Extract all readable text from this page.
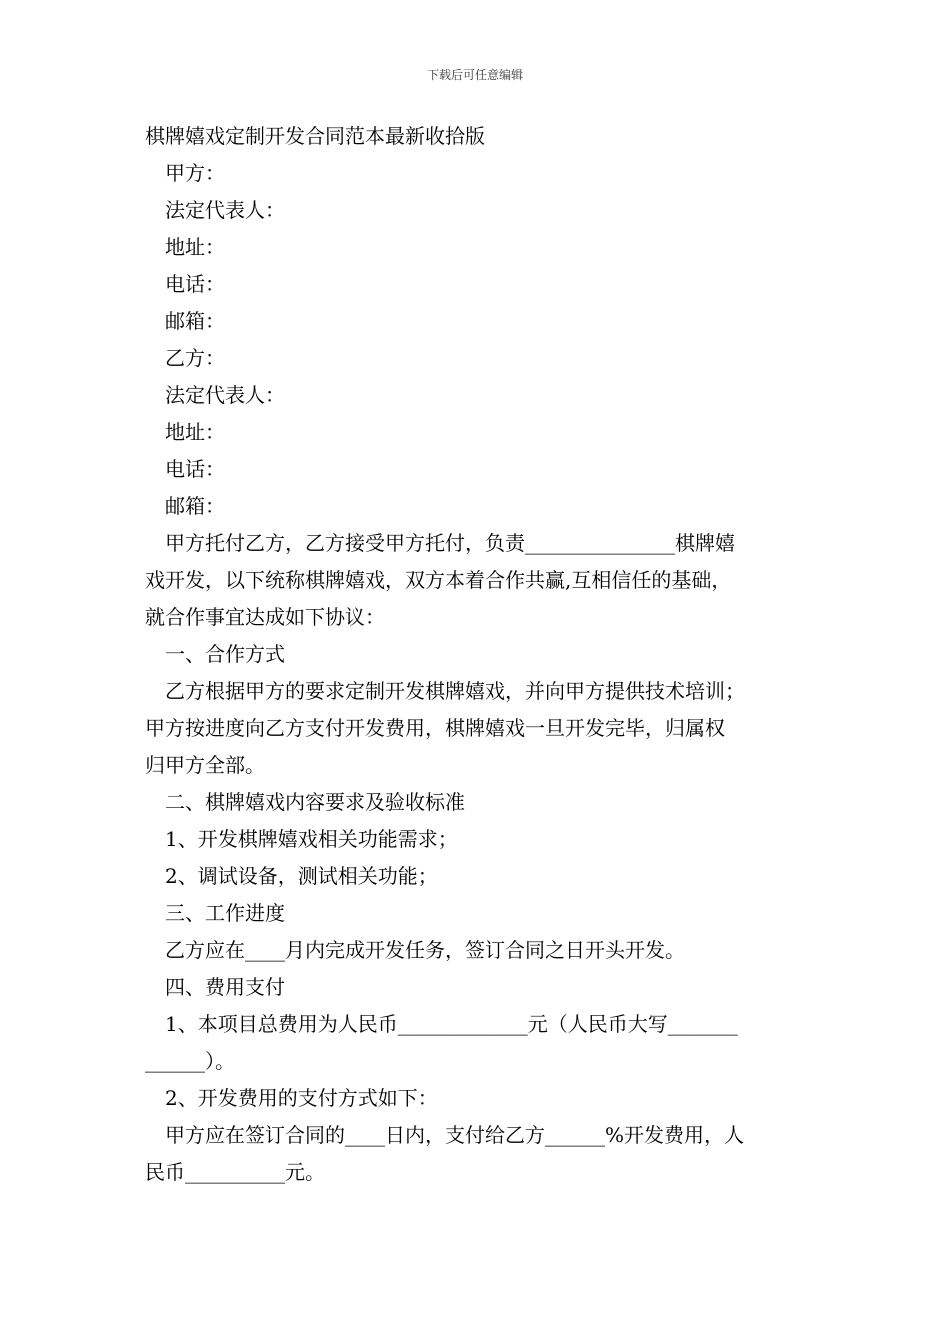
下载后可任意编辑
棋牌嬉戏定制开发合同范本最新收拾版
甲方：
法定代表人：
地址：
电话：
邮箱：
乙方：
法定代表人：
地址：
电话：
邮箱：
甲方托付乙方，乙方接受甲方托付，负责_______________棋牌嬉
戏开发，以下统称棋牌嬉戏，双方本着合作共赢,互相信任的基础，
就合作事宜达成如下协议：
一、合作方式
乙方根据甲方的要求定制开发棋牌嬉戏，并向甲方提供技术培训；
甲方按进度向乙方支付开发费用，棋牌嬉戏一旦开发完毕，归属权
归甲方全部。
二、棋牌嬉戏内容要求及验收标准
1、开发棋牌嬉戏相关功能需求；
2、调试设备，测试相关功能；
三、工作进度
乙方应在____月内完成开发任务，签订合同之日开头开发。
四、费用支付
1、本项目总费用为人民币_____________元（人民币大写_______
______）。
2、开发费用的支付方式如下：
甲方应在签订合同的____日内，支付给乙方______%开发费用，人
民币__________元。
